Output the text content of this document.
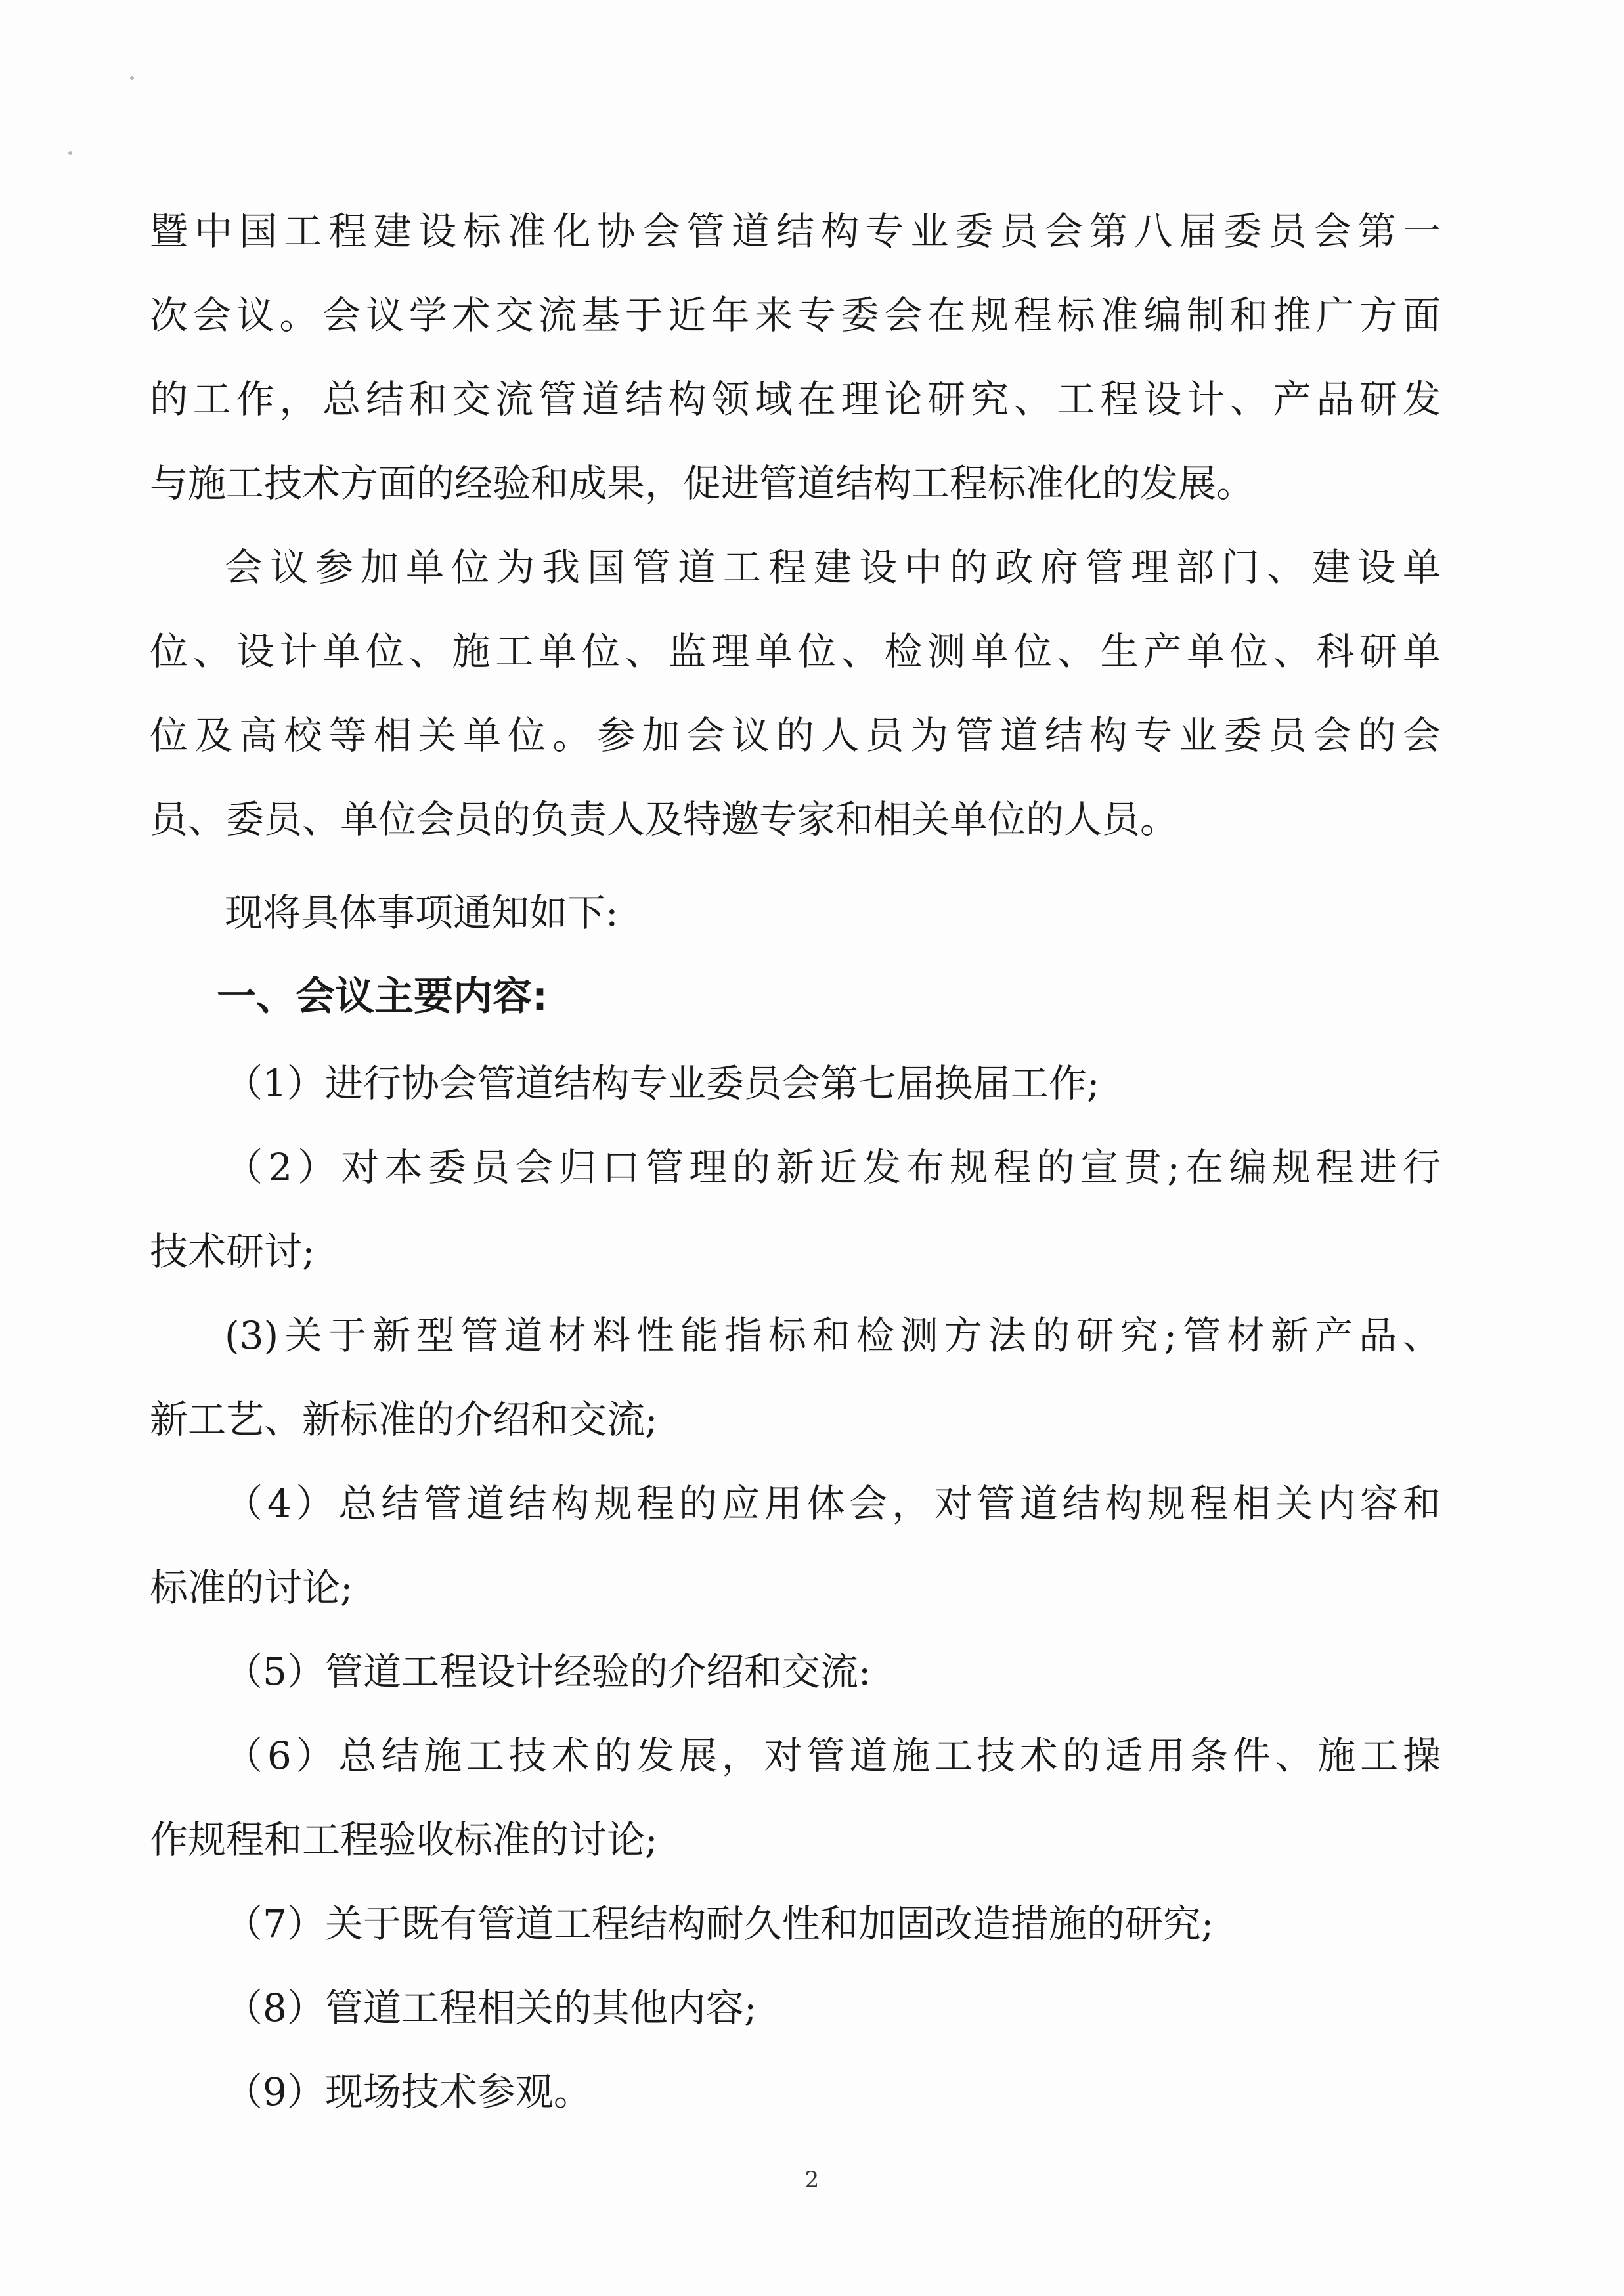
暨中国工程建设标准化协会管道结构专业委员会第八届委员会第一
次会议。会议学术交流基于近年来专委会在规程标准编制和推广方面
的工作，总结和交流管道结构领域在理论研究、工程设计、产品研发
与施工技术方面的经验和成果，促进管道结构工程标准化的发展。
会议参加单位为我国管道工程建设中的政府管理部门、建设单
位、设计单位、施工单位、监理单位、检测单位、生产单位、科研单
位及高校等相关单位。参加会议的人员为管道结构专业委员会的会
员、委员、单位会员的负责人及特邀专家和相关单位的人员。
现将具体事项通知如下:
一、会议主要内容:
（1）进行协会管道结构专业委员会第七届换届工作;
（2）对本委员会归口管理的新近发布规程的宣贯;在编规程进行
技术研讨;
(3)关于新型管道材料性能指标和检测方法的研究;管材新产品、
新工艺、新标准的介绍和交流;
（4）总结管道结构规程的应用体会，对管道结构规程相关内容和
标准的讨论;
（5）管道工程设计经验的介绍和交流:
（6）总结施工技术的发展，对管道施工技术的适用条件、施工操
作规程和工程验收标准的讨论;
（7）关于既有管道工程结构耐久性和加固改造措施的研究;
（8）管道工程相关的其他内容;
（9）现场技术参观。
2
